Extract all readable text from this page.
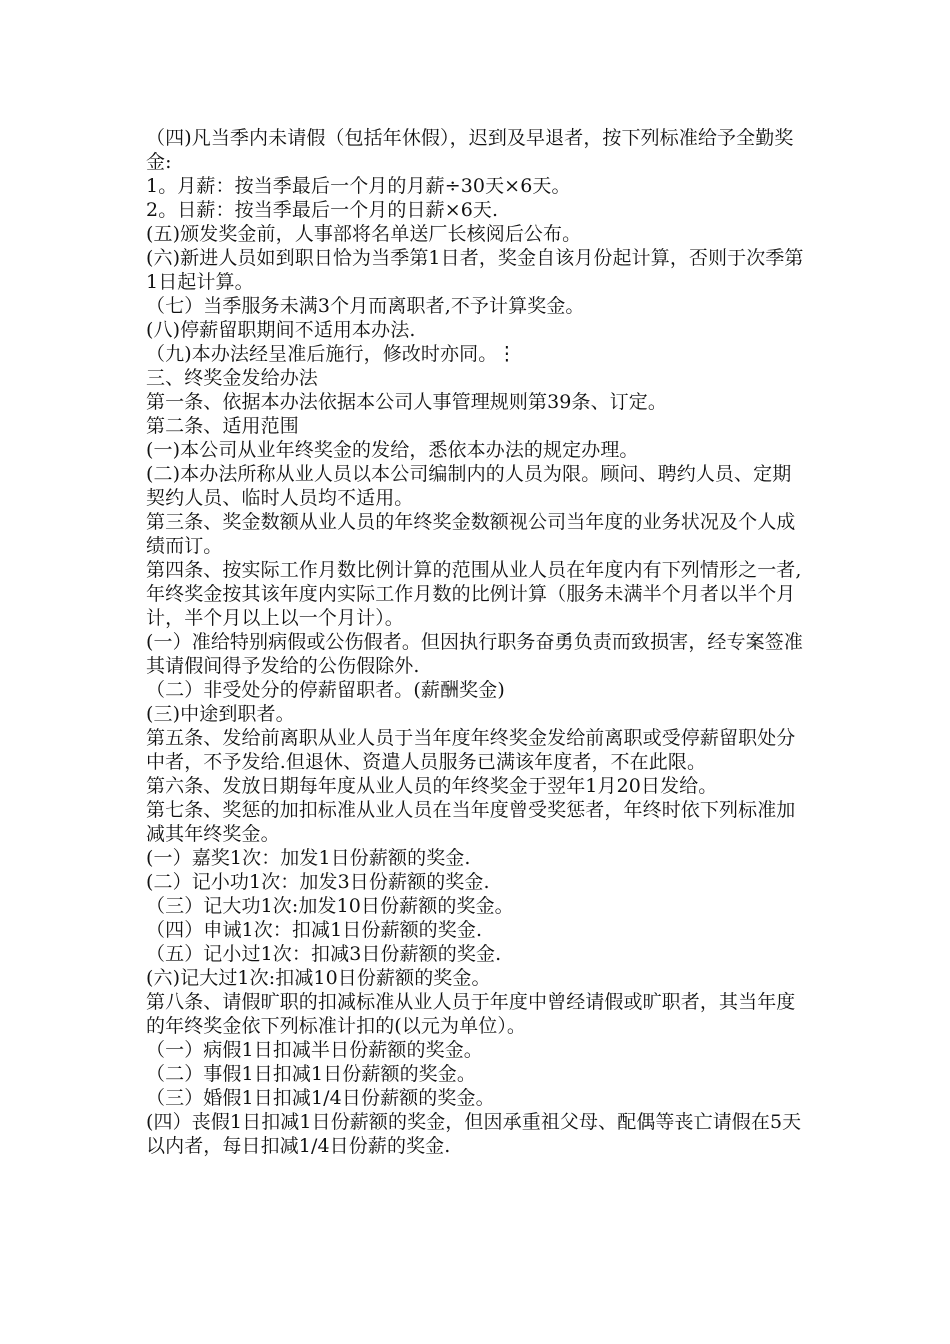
（四)凡当季内未请假（包括年休假），迟到及早退者，按下列标准给予全勤奖金:

1。月薪：按当季最后一个月的月薪÷30天×6天。

2。日薪：按当季最后一个月的日薪×6天.

(五)颁发奖金前，人事部将名单送厂长核阅后公布。

(六)新进人员如到职日恰为当季第1日者，奖金自该月份起计算，否则于次季第1日起计算。

（七）当季服务未满3个月而离职者,不予计算奖金。

(八)停薪留职期间不适用本办法.

（九)本办法经呈准后施行，修改时亦同。⋮

三、终奖金发给办法

第一条、依据本办法依据本公司人事管理规则第39条、订定。

第二条、适用范围

(一)本公司从业年终奖金的发给，悉依本办法的规定办理。

(二)本办法所称从业人员以本公司编制内的人员为限。顾问、聘约人员、定期契约人员、临时人员均不适用。

第三条、奖金数额从业人员的年终奖金数额视公司当年度的业务状况及个人成绩而订。

第四条、按实际工作月数比例计算的范围从业人员在年度内有下列情形之一者,年终奖金按其该年度内实际工作月数的比例计算（服务未满半个月者以半个月计，半个月以上以一个月计）。

(一）准给特别病假或公伤假者。但因执行职务奋勇负责而致损害，经专案签准其请假间得予发给的公伤假除外.

（二）非受处分的停薪留职者。(薪酬奖金)

(三)中途到职者。

第五条、发给前离职从业人员于当年度年终奖金发给前离职或受停薪留职处分中者，不予发给.但退休、资遣人员服务已满该年度者，不在此限。

第六条、发放日期每年度从业人员的年终奖金于翌年1月20日发给。

第七条、奖惩的加扣标准从业人员在当年度曾受奖惩者，年终时依下列标准加减其年终奖金。

(一）嘉奖1次：加发1日份薪额的奖金.

(二）记小功1次：加发3日份薪额的奖金.

（三）记大功1次:加发10日份薪额的奖金。

（四）申诫1次：扣减1日份薪额的奖金.

（五）记小过1次：扣减3日份薪额的奖金.

(六)记大过1次:扣减10日份薪额的奖金。

第八条、请假旷职的扣减标准从业人员于年度中曾经请假或旷职者，其当年度的年终奖金依下列标准计扣的(以元为单位）。

（一）病假1日扣减半日份薪额的奖金。

（二）事假1日扣减1日份薪额的奖金。

（三）婚假1日扣减1/4日份薪额的奖金。

(四）丧假1日扣减1日份薪额的奖金，但因承重祖父母、配偶等丧亡请假在5天以内者，每日扣减1/4日份薪的奖金.
